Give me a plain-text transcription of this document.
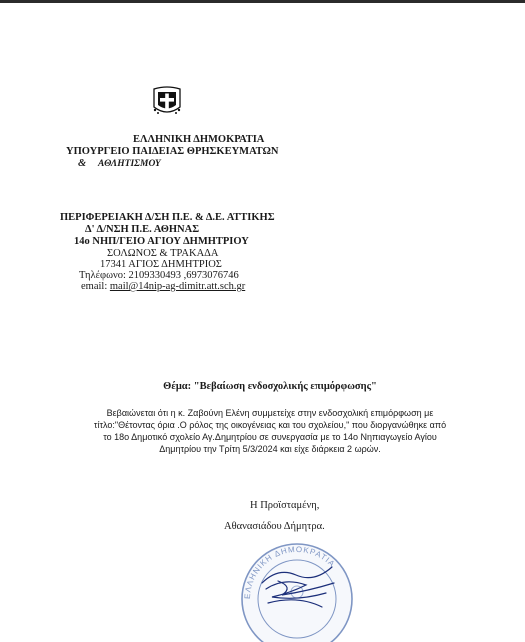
ΕΛΛΗΝΙΚΗ ΔΗΜΟΚΡΑΤΙΑ
ΥΠΟΥΡΓΕΙΟ ΠΑΙΔΕΙΑΣ ΘΡΗΣΚΕΥΜΑΤΩΝ
& ΑΘΛΗΤΙΣΜΟΥ
ΠΕΡΙΦΕΡΕΙΑΚΗ Δ/ΣΗ Π.Ε. & Δ.Ε. ΑΤΤΙΚΗΣ
Δ' Δ/ΝΣΗ Π.Ε. ΑΘΗΝΑΣ
14ο ΝΗΠ/ΓΕΙΟ ΑΓΙΟΥ ΔΗΜΗΤΡΙΟΥ
ΣΟΛΩΝΟΣ & ΤΡΑΚΑΔΑ
17341 ΑΓΙΟΣ ΔΗΜΗΤΡΙΟΣ
Τηλέφωνο: 2109330493 ,6973076746
email: mail@14nip-ag-dimitr.att.sch.gr
Θέμα: "Βεβαίωση ενδοσχολικής επιμόρφωσης"
Βεβαιώνεται ότι η κ. Ζαβούνη Ελένη συμμετείχε στην ενδοσχολική επιμόρφωση με
τίτλο:"Θέτοντας όρια .Ο ρόλος της οικογένειας και του σχολείου," που διοργανώθηκε από
το 18ο Δημοτικό σχολείο Αγ.Δημητρίου σε συνεργασία με το 14ο Νηπιαγωγείο Αγίου
Δημητρίου την Τρίτη 5/3/2024 και είχε διάρκεια 2 ωρών.
Η Προϊσταμένη,
Αθανασιάδου Δήμητρα.
ΕΛΛΗΝΙΚΗ ΔΗΜΟΚΡΑΤΙΑ
